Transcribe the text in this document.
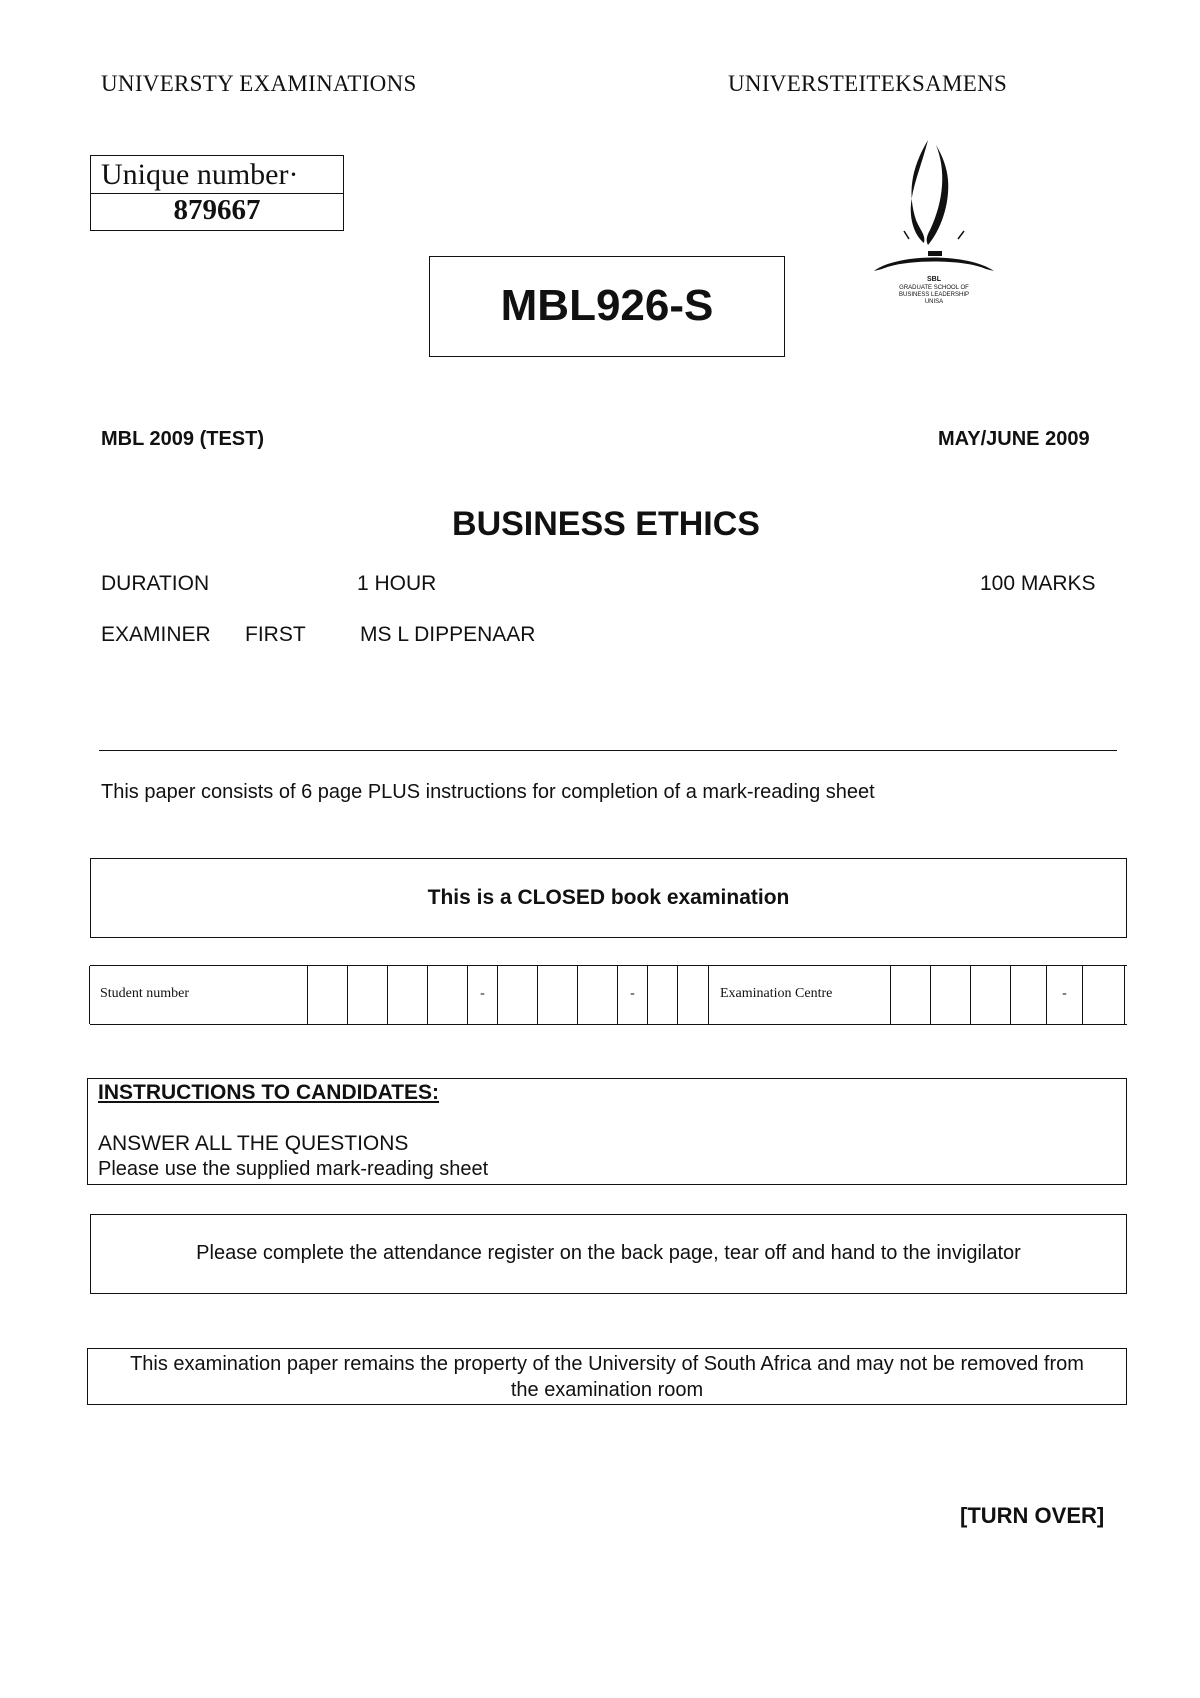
UNIVERSTY EXAMINATIONS	UNIVERSTEITEKSAMENS
Unique number·
879667
MBL926-S
SBL
GRADUATE SCHOOL OF
BUSINESS LEADERSHIP
UNISA
MBL 2009 (TEST)	MAY/JUNE 2009
BUSINESS ETHICS
DURATION	1 HOUR	100 MARKS
EXAMINER FIRST	MS L DIPPENAAR
This paper consists of 6 page PLUS instructions for completion of a mark-reading sheet
This is a CLOSED book examination
Student number	-	-	Examination Centre	-
INSTRUCTIONS TO CANDIDATES:
ANSWER ALL THE QUESTIONS
Please use the supplied mark-reading sheet
Please complete the attendance register on the back page, tear off and hand to the invigilator
This examination paper remains the property of the University of South Africa and may not be removed from the examination room
[TURN OVER]
